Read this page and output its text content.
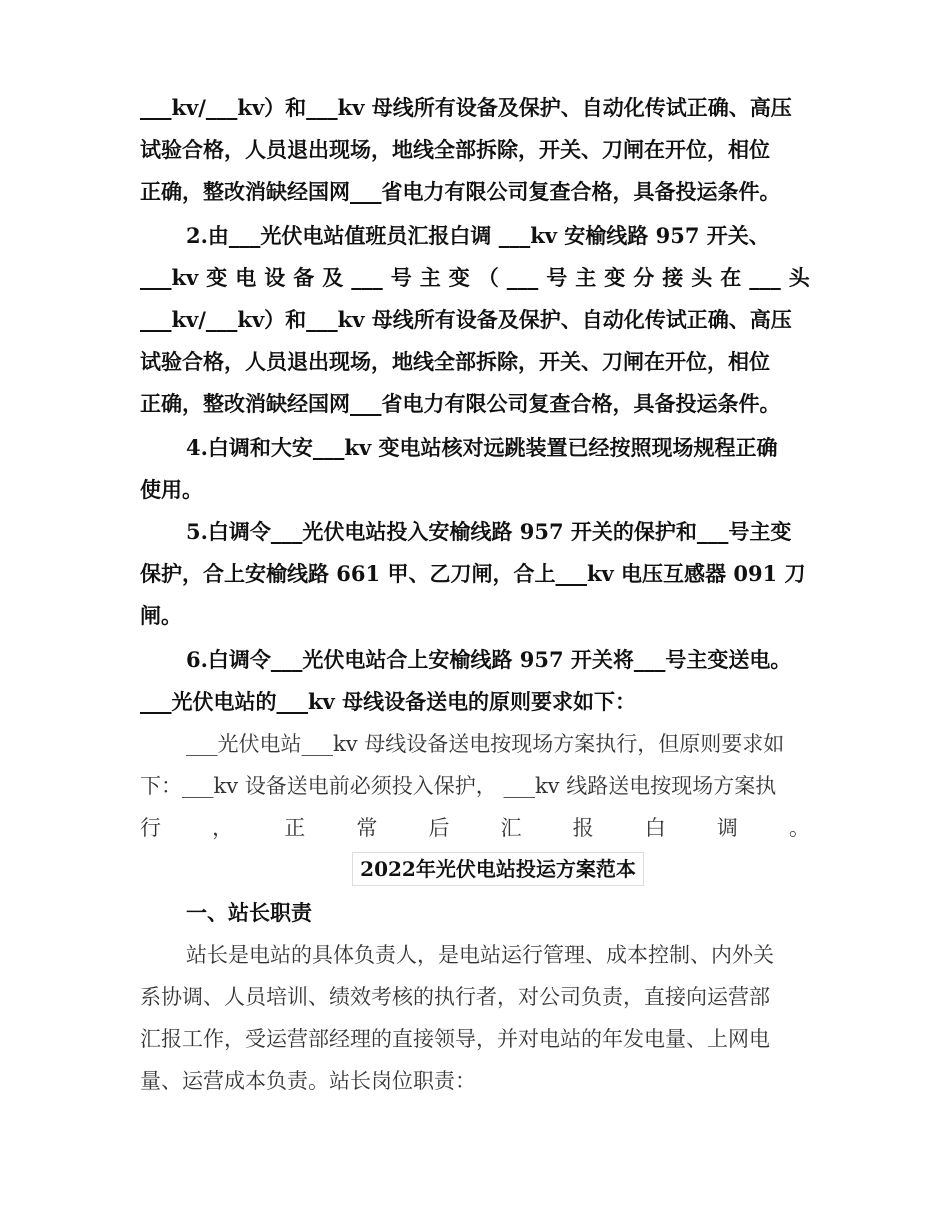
___kv/___kv）和___kv 母线所有设备及保护、自动化传试正确、高压
试验合格，人员退出现场，地线全部拆除，开关、刀闸在开位，相位
正确，整改消缺经国网___省电力有限公司复查合格，具备投运条件。
2.由___光伏电站值班员汇报白调 ___kv 安榆线路 957 开关、
___kv 变 电 设 备 及 ___ 号 主 变 （ ___ 号 主 变 分 接 头 在 ___ 头
___kv/___kv）和___kv 母线所有设备及保护、自动化传试正确、高压
试验合格，人员退出现场，地线全部拆除，开关、刀闸在开位，相位
正确，整改消缺经国网___省电力有限公司复查合格，具备投运条件。
4.白调和大安___kv 变电站核对远跳装置已经按照现场规程正确
使用。
5.白调令___光伏电站投入安榆线路 957 开关的保护和___号主变
保护，合上安榆线路 661 甲、乙刀闸，合上___kv 电压互感器 091 刀
闸。
6.白调令___光伏电站合上安榆线路 957 开关将___号主变送电。
___光伏电站的___kv 母线设备送电的原则要求如下：
___光伏电站___kv 母线设备送电按现场方案执行，但原则要求如
下：___kv 设备送电前必须投入保护， ___kv 线路送电按现场方案执
行 ， 正 常 后 汇 报 白 调 。
2022年光伏电站投运方案范本
一、站长职责
站长是电站的具体负责人，是电站运行管理、成本控制、内外关
系协调、人员培训、绩效考核的执行者，对公司负责，直接向运营部
汇报工作，受运营部经理的直接领导，并对电站的年发电量、上网电
量、运营成本负责。站长岗位职责：
